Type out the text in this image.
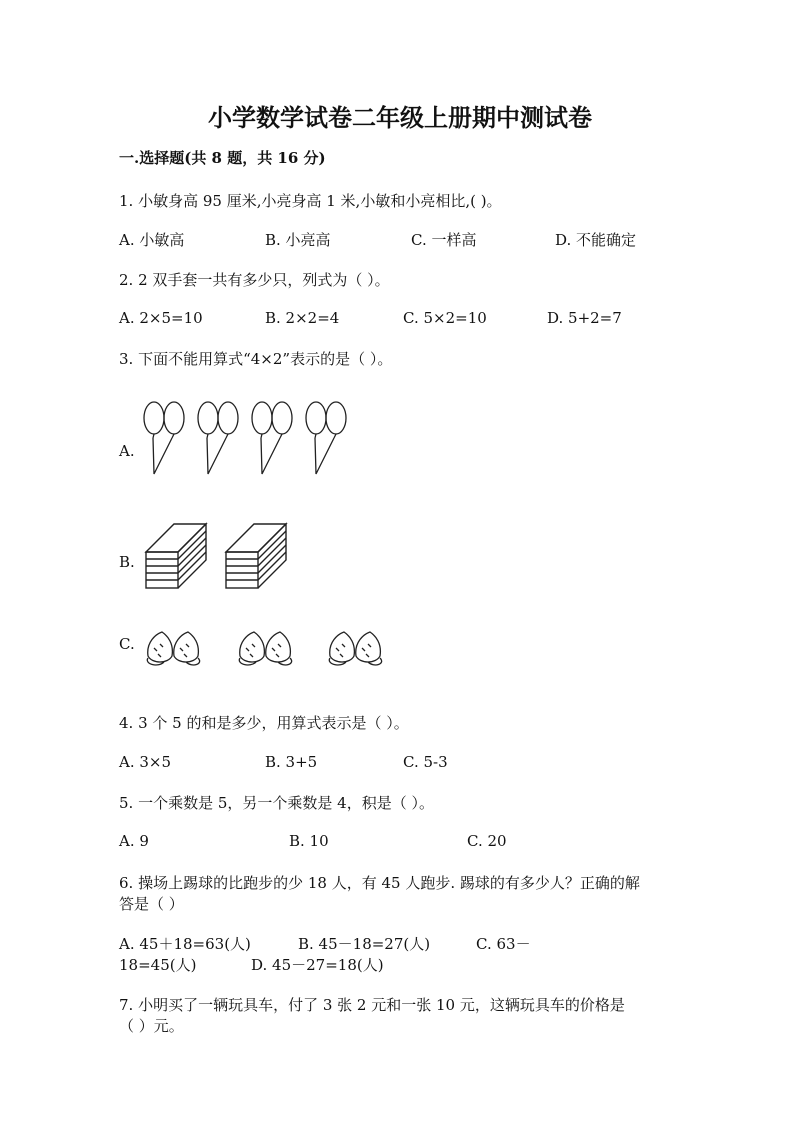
小学数学试卷二年级上册期中测试卷
一.选择题(共 8 题，共 16 分)
1. 小敏身高 95 厘米,小亮身高 1 米,小敏和小亮相比,( )。
A. 小敏高	B. 小亮高	C. 一样高	D. 不能确定
2. 2 双手套一共有多少只，列式为（ ）。
A. 2×5=10	B. 2×2=4	C. 5×2=10	D. 5+2=7
3. 下面不能用算式“4×2”表示的是（ ）。
A.
B.
C.
4. 3 个 5 的和是多少，用算式表示是（ ）。
A. 3×5	B. 3+5	C. 5-3
5. 一个乘数是 5，另一个乘数是 4，积是（ ）。
A. 9	B. 10	C. 20
6. 操场上踢球的比跑步的少 18 人，有 45 人跑步. 踢球的有多少人？正确的解
答是（ ）
A. 45＋18=63(人)	B. 45－18=27(人)	C. 63－
18=45(人)	D. 45－27=18(人)
7. 小明买了一辆玩具车，付了 3 张 2 元和一张 10 元，这辆玩具车的价格是
（ ）元。
